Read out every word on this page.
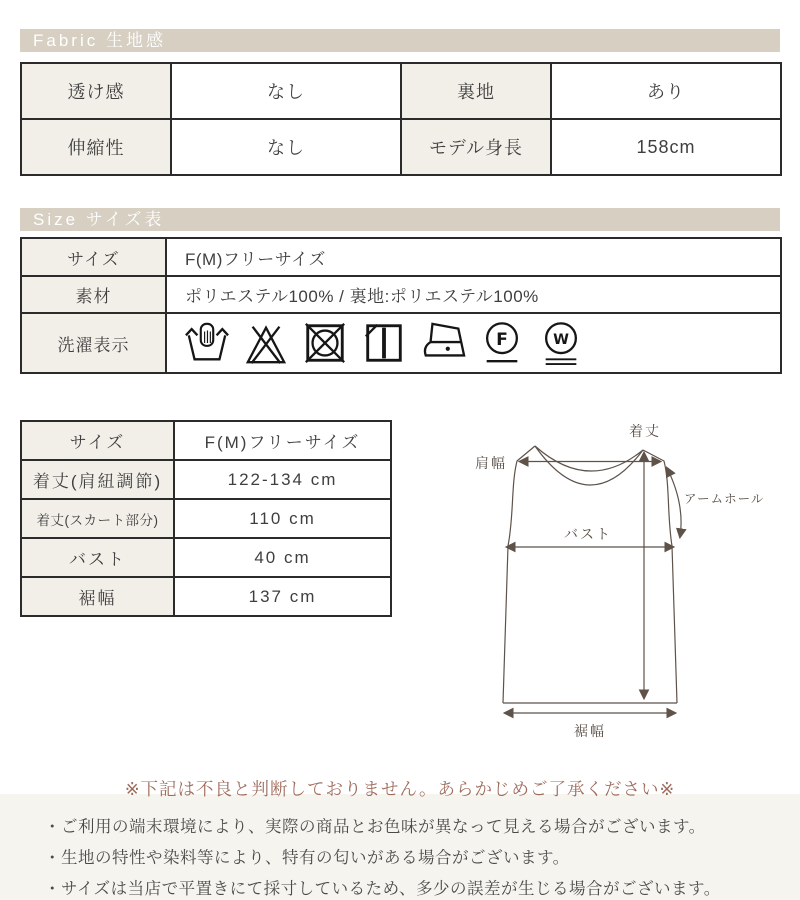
Fabric 生地感
透け感	なし	裏地	あり
伸縮性	なし	モデル身長	158cm
Size サイズ表
サイズ	F(M)フリーサイズ
素材	ポリエステル100% / 裏地:ポリエステル100%
洗濯表示	F W
サイズ	F(M)フリーサイズ
着丈(肩紐調節)	122-134 cm
着丈(スカート部分)	110 cm
バスト	40 cm
裾幅	137 cm
着丈
肩幅
アームホール
バスト
裾幅
※下記は不良と判断しておりません。あらかじめご了承ください※
・ご利用の端末環境により、実際の商品とお色味が異なって見える場合がございます。
・生地の特性や染料等により、特有の匂いがある場合がございます。
・サイズは当店で平置きにて採寸しているため、多少の誤差が生じる場合がございます。
